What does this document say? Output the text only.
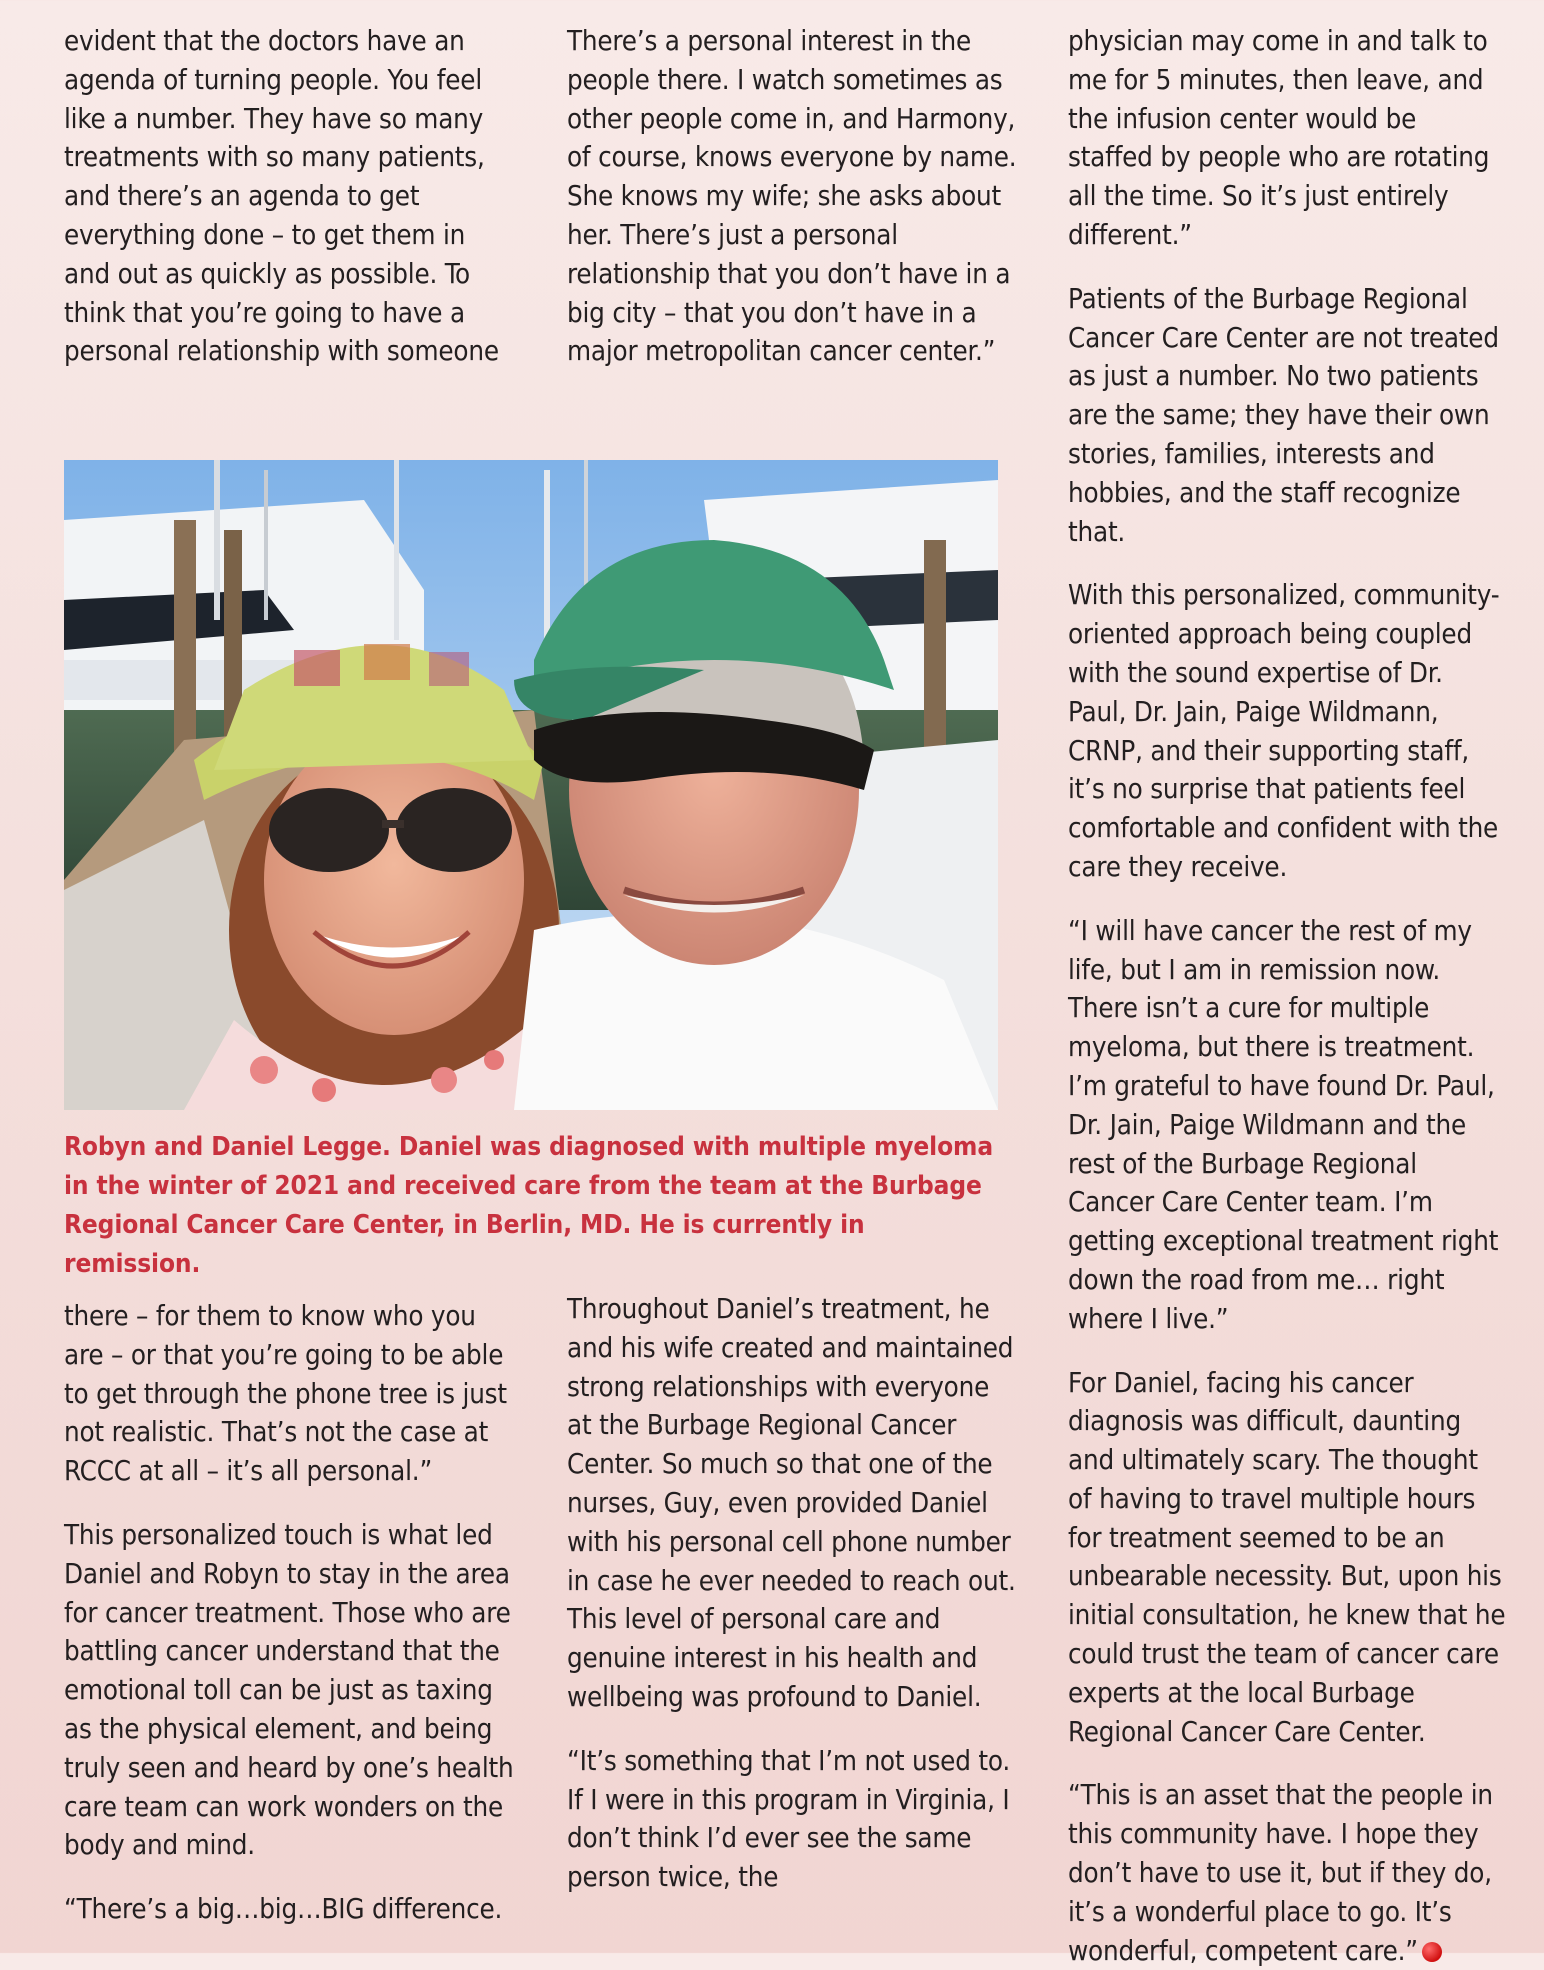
evident that the doctors have an agenda of turning people. You feel like a number. They have so many treatments with so many patients, and there’s an agenda to get everything done – to get them in and out as quickly as possible. To think that you’re going to have a personal relationship with someone

There’s a personal interest in the people there. I watch sometimes as other people come in, and Harmony, of course, knows everyone by name. She knows my wife; she asks about her. There’s just a personal relationship that you don’t have in a big city – that you don’t have in a major metropolitan cancer center.”

physician may come in and talk to me for 5 minutes, then leave, and the infusion center would be staffed by people who are rotating all the time. So it’s just entirely different.”

Patients of the Burbage Regional Cancer Care Center are not treated as just a number. No two patients are the same; they have their own stories, families, interests and hobbies, and the staff recognize that.

With this personalized, community-oriented approach being coupled with the sound expertise of Dr. Paul, Dr. Jain, Paige Wildmann, CRNP, and their supporting staff, it’s no surprise that patients feel comfortable and confident with the care they receive.

“I will have cancer the rest of my life, but I am in remission now. There isn’t a cure for multiple myeloma, but there is treatment. I’m grateful to have found Dr. Paul, Dr. Jain, Paige Wildmann and the rest of the Burbage Regional Cancer Care Center team. I’m getting exceptional treatment right down the road from me… right where I live.”

For Daniel, facing his cancer diagnosis was difficult, daunting and ultimately scary. The thought of having to travel multiple hours for treatment seemed to be an unbearable necessity. But, upon his initial consultation, he knew that he could trust the team of cancer care experts at the local Burbage Regional Cancer Care Center.

“This is an asset that the people in this community have. I hope they don’t have to use it, but if they do, it’s a wonderful place to go. It’s wonderful, competent care.”

Robyn and Daniel Legge. Daniel was diagnosed with multiple myeloma in the winter of 2021 and received care from the team at the Burbage Regional Cancer Care Center, in Berlin, MD. He is currently in remission.

there – for them to know who you are – or that you’re going to be able to get through the phone tree is just not realistic. That’s not the case at RCCC at all – it’s all personal.”

This personalized touch is what led Daniel and Robyn to stay in the area for cancer treatment. Those who are battling cancer understand that the emotional toll can be just as taxing as the physical element, and being truly seen and heard by one’s health care team can work wonders on the body and mind.

“There’s a big…big…BIG difference.

Throughout Daniel’s treatment, he and his wife created and maintained strong relationships with everyone at the Burbage Regional Cancer Center. So much so that one of the nurses, Guy, even provided Daniel with his personal cell phone number in case he ever needed to reach out. This level of personal care and genuine interest in his health and wellbeing was profound to Daniel.

“It’s something that I’m not used to. If I were in this program in Virginia, I don’t think I’d ever see the same person twice, the
